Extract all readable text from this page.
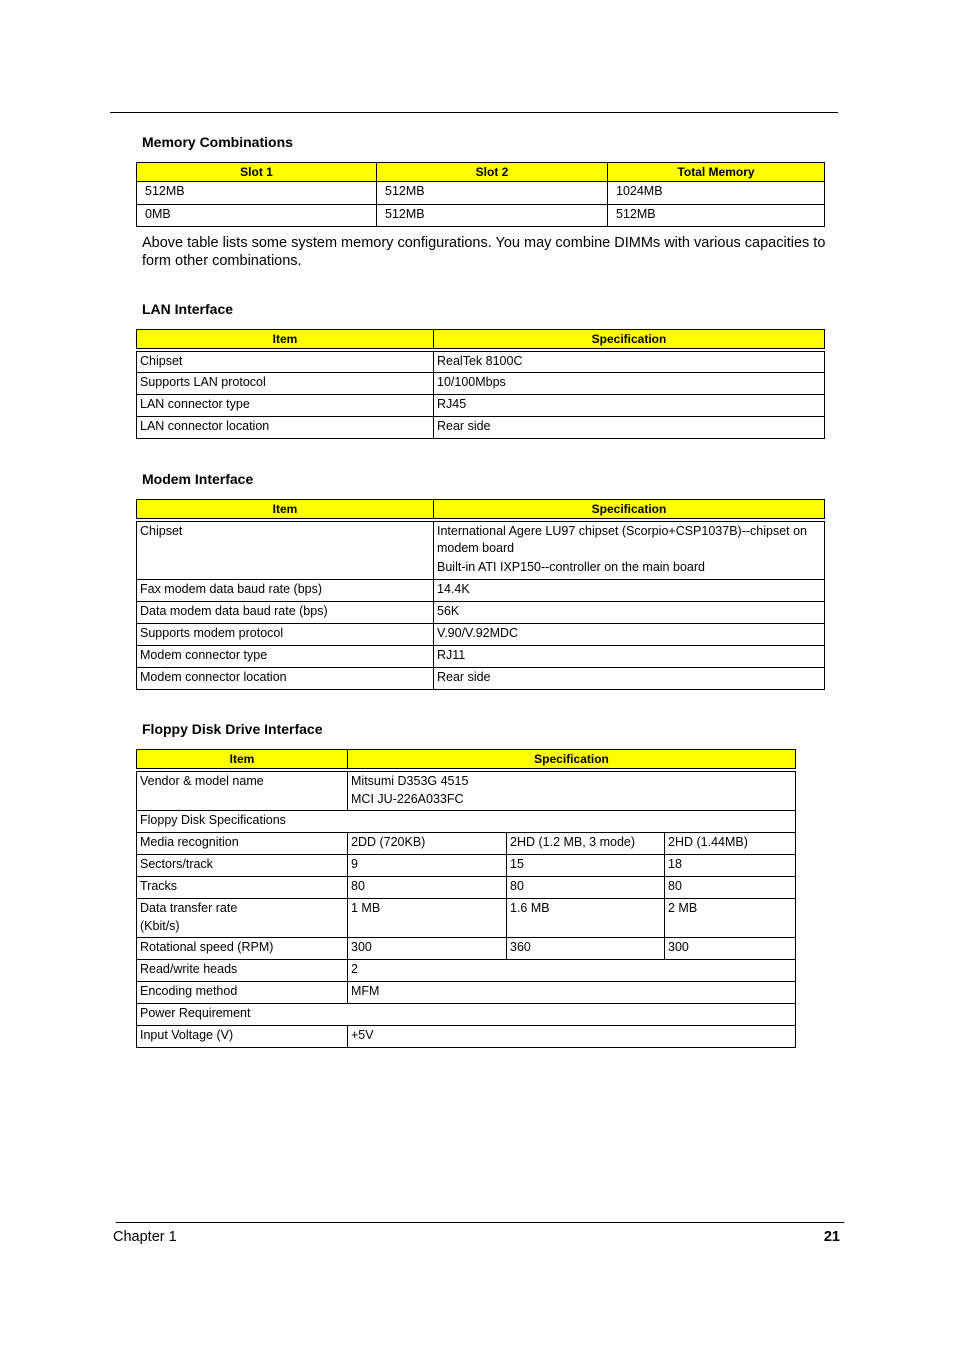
Memory Combinations
Slot 1	Slot 2	Total Memory
512MB	512MB	1024MB
0MB	512MB	512MB

Above table lists some system memory configurations. You may combine DIMMs with various capacities to form other combinations.

LAN Interface
Item	Specification

Chipset	RealTek 8100C
Supports LAN protocol	10/100Mbps
LAN connector type	RJ45
LAN connector location	Rear side
Modem Interface
Item	Specification

Chipset	International Agere LU97 chipset (Scorpio+CSP1037B)--chipset on modem board
Built-in ATI IXP150--controller on the main board

Fax modem data baud rate (bps)	14.4K
Data modem data baud rate (bps)	56K
Supports modem protocol	V.90/V.92MDC
Modem connector type	RJ11
Modem connector location	Rear side
Floppy Disk Drive Interface
Item	Specification		

Vendor & model name	Mitsumi D353G 4515
MCI JU-226A033FC		

Floppy Disk Specifications			
Media recognition	2DD (720KB)	2HD (1.2 MB, 3 mode)	2HD (1.44MB)
Sectors/track	9	15	18
Tracks	80	80	80
Data transfer rate (Kbit/s)	1 MB	1.6 MB	2 MB
Rotational speed (RPM)	300	360	300
Read/write heads	2		
Encoding method	MFM		
Power Requirement			
Input Voltage (V)	+5V		
Chapter 1	21
